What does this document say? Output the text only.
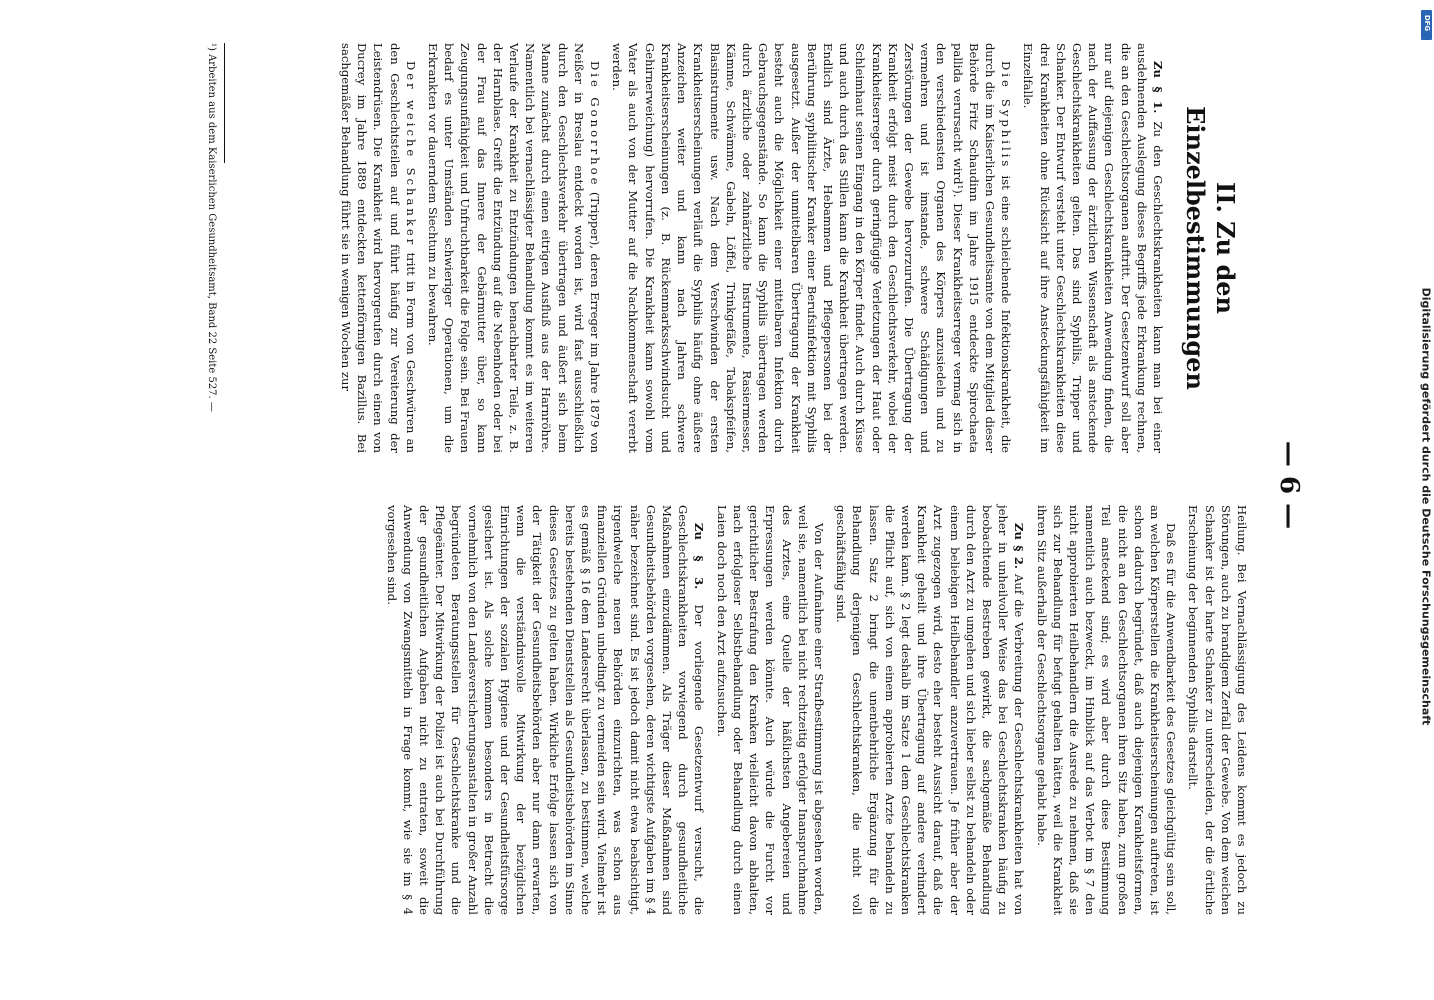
DFG
Digitalisierung gefördert durch die Deutsche Forschungsgemeinschaft
— 6 —
II. Zu den Einzelbestimmungen

Zu § 1. Zu den Geschlechtskrankheiten kann man bei einer ausdehnenden Auslegung dieses Begriffs jede Erkrankung rechnen, die an den Geschlechtsorganen auftritt. Der Gesetzentwurf soll aber nur auf diejenigen Geschlechtskrankheiten Anwendung finden, die nach der Auffassung der ärztlichen Wissenschaft als ansteckende Geschlechtskrankheiten gelten. Das sind Syphilis, Tripper und Schanker. Der Entwurf versteht unter Geschlechtskrankheiten diese drei Krankheiten ohne Rücksicht auf ihre Ansteckungsfähigkeit im Einzelfalle.

Die Syphilis ist eine schleichende Infektionskrankheit, die durch die im Kaiserlichen Gesundheitsamte von dem Mitglied dieser Behörde Fritz Schaudinn im Jahre 1915 entdeckte Spirochaeta pallida verursacht wird¹). Dieser Krankheitserreger vermag sich in den verschiedensten Organen des Körpers anzusiedeln und zu vermehren und ist imstande, schwere Schädigungen und Zerstörungen der Gewebe hervorzurufen. Die Übertragung der Krankheit erfolgt meist durch den Geschlechtsverkehr, wobei der Krankheitserreger durch geringfügige Verletzungen der Haut oder Schleimhaut seinen Eingang in den Körper findet. Auch durch Küsse und auch durch das Stillen kann die Krankheit übertragen werden. Endlich sind Ärzte, Hebammen und Pflegepersonen bei der Berührung syphilitischer Kranker einer Berufsinfektion mit Syphilis ausgesetzt. Außer der unmittelbaren Übertragung der Krankheit besteht auch die Möglichkeit einer mittelbaren Infektion durch Gebrauchsgegenstände. So kann die Syphilis übertragen werden durch ärztliche oder zahnärztliche Instrumente, Rasiermesser, Kämme, Schwämme, Gabeln, Löffel, Trinkgefäße, Tabakspfeifen, Blasinstrumente usw. Nach dem Verschwinden der ersten Krankheitserscheinungen verläuft die Syphilis häufig ohne äußere Anzeichen weiter und kann nach Jahren schwere Krankheitserscheinungen (z. B. Rückenmarksschwindsucht und Gehirnerweichung) hervorrufen. Die Krankheit kann sowohl vom Vater als auch von der Mutter auf die Nachkommenschaft vererbt werden.

Die Gonorrhoe (Tripper), deren Erreger im Jahre 1879 von Neißer in Breslau entdeckt worden ist, wird fast ausschließlich durch den Geschlechtsverkehr übertragen und äußert sich beim Manne zunächst durch einen eitrigen Ausfluß aus der Harnröhre. Namentlich bei vernachlässigter Behandlung kommt es im weiteren Verlaufe der Krankheit zu Entzündungen benachbarter Teile, z. B. der Harnblase. Greift die Entzündung auf die Nebenhoden oder bei der Frau auf das Innere der Gebärmutter über, so kann Zeugungsunfähigkeit und Unfruchtbarkeit die Folge sein. Bei Frauen bedarf es unter Umständen schwieriger Operationen, um die Erkrankten vor dauerndem Siechtum zu bewahren.

Der weiche Schanker tritt in Form von Geschwüren an den Geschlechtsteilen auf und führt häufig zur Vereiterung der Leistendrüsen. Die Krankheit wird hervorgerufen durch einen von Ducrey im Jahre 1889 entdeckten kettenförmigen Bazillus. Bei sachgemäßer Behandlung führt sie in wenigen Wochen zur

Heilung. Bei Vernachlässigung des Leidens kommt es jedoch zu Störungen, auch zu brandigem Zerfall der Gewebe. Von dem weichen Schanker ist der harte Schanker zu unterscheiden, der die örtliche Erscheinung der beginnenden Syphilis darstellt.

Daß es für die Anwendbarkeit des Gesetzes gleichgültig sein soll, an welchen Körperstellen die Krankheitserscheinungen auftreten, ist schon dadurch begründet, daß auch diejenigen Krankheitsformen, die nicht an den Geschlechtsorganen ihren Sitz haben, zum großen Teil ansteckend sind; es wird aber durch diese Bestimmung namentlich auch bezweckt, im Hinblick auf das Verbot im § 7 den nicht approbierten Heilbehandlern die Ausrede zu nehmen, daß sie sich zur Behandlung für befugt gehalten hätten, weil die Krankheit ihren Sitz außerhalb der Geschlechtsorgane gehabt habe.

Zu § 2. Auf die Verbreitung der Geschlechtskrankheiten hat von jeher in unheilvoller Weise das bei Geschlechtskranken häufig zu beobachtende Bestreben gewirkt, die sachgemäße Behandlung durch den Arzt zu umgehen und sich lieber selbst zu behandeln oder einem beliebigen Heilbehandler anzuvertrauen. Je früher aber der Arzt zugezogen wird, desto eher besteht Aussicht darauf, daß die Krankheit geheilt und ihre Übertragung auf andere verhindert werden kann. § 2 legt deshalb im Satze 1 dem Geschlechtskranken die Pflicht auf, sich von einem approbierten Arzte behandeln zu lassen. Satz 2 bringt die unentbehrliche Ergänzung für die Behandlung derjenigen Geschlechtskranken, die nicht voll geschäftsfähig sind.

Von der Aufnahme einer Strafbestimmung ist abgesehen worden, weil sie, namentlich bei nicht rechtzeitig erfolgter Inanspruchnahme des Arztes, eine Quelle der häßlichsten Angebereien und Erpressungen werden könnte. Auch würde die Furcht vor gerichtlicher Bestrafung den Kranken vielleicht davon abhalten, nach erfolgloser Selbstbehandlung oder Behandlung durch einen Laien doch noch den Arzt aufzusuchen.

Zu § 3. Der vorliegende Gesetzentwurf versucht, die Geschlechtskrankheiten vorwiegend durch gesundheitliche Maßnahmen einzudämmen. Als Träger dieser Maßnahmen sind Gesundheitsbehörden vorgesehen, deren wichtigste Aufgaben im § 4 näher bezeichnet sind. Es ist jedoch damit nicht etwa beabsichtigt, irgendwelche neuen Behörden einzurichten, was schon aus finanziellen Gründen unbedingt zu vermeiden sein wird. Vielmehr ist es gemäß § 16 dem Landesrecht überlassen, zu bestimmen, welche bereits bestehenden Dienststellen als Gesundheitsbehörden im Sinne dieses Gesetzes zu gelten haben. Wirkliche Erfolge lassen sich von der Tätigkeit der Gesundheitsbehörden aber nur dann erwarten, wenn die verständnisvolle Mitwirkung der bezüglichen Einrichtungen der sozialen Hygiene und der Gesundheitsfürsorge gesichert ist. Als solche kommen besonders in Betracht die vornehmlich von den Landesversicherungsanstalten in großer Anzahl begründeten Beratungsstellen für Geschlechtskranke und die Pflegeämter. Der Mitwirkung der Polizei ist auch bei Durchführung der gesundheitlichen Aufgaben nicht zu entraten, soweit die Anwendung von Zwangsmitteln in Frage kommt, wie sie im § 4 vorgesehen sind.

¹) Arbeiten aus dem Kaiserlichen Gesundheitsamt, Band 22 Seite 527. —
